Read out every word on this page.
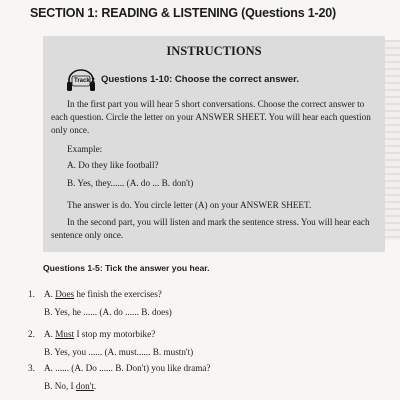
SECTION 1: READING & LISTENING (Questions 1-20)
INSTRUCTIONS
Track 2 Questions 1-10: Choose the correct answer.

In the first part you will hear 5 short conversations. Choose the correct answer to each question. Circle the letter on your ANSWER SHEET. You will hear each question only once.

Example:
A. Do they like football?
B. Yes, they...... (A. do ... B. don't)
The answer is do. You circle letter (A) on your ANSWER SHEET.

In the second part, you will listen and mark the sentence stress. You will hear each sentence only once.

Questions 1-5: Tick the answer you hear.
1. A. Does he finish the exercises?
B. Yes, he ...... (A. do ...... B. does)
2. A. Must I stop my motorbike?
B. Yes, you ...... (A. must...... B. mustn't)
3. A. ...... (A. Do ...... B. Don't) you like drama?
B. No, I don't.
